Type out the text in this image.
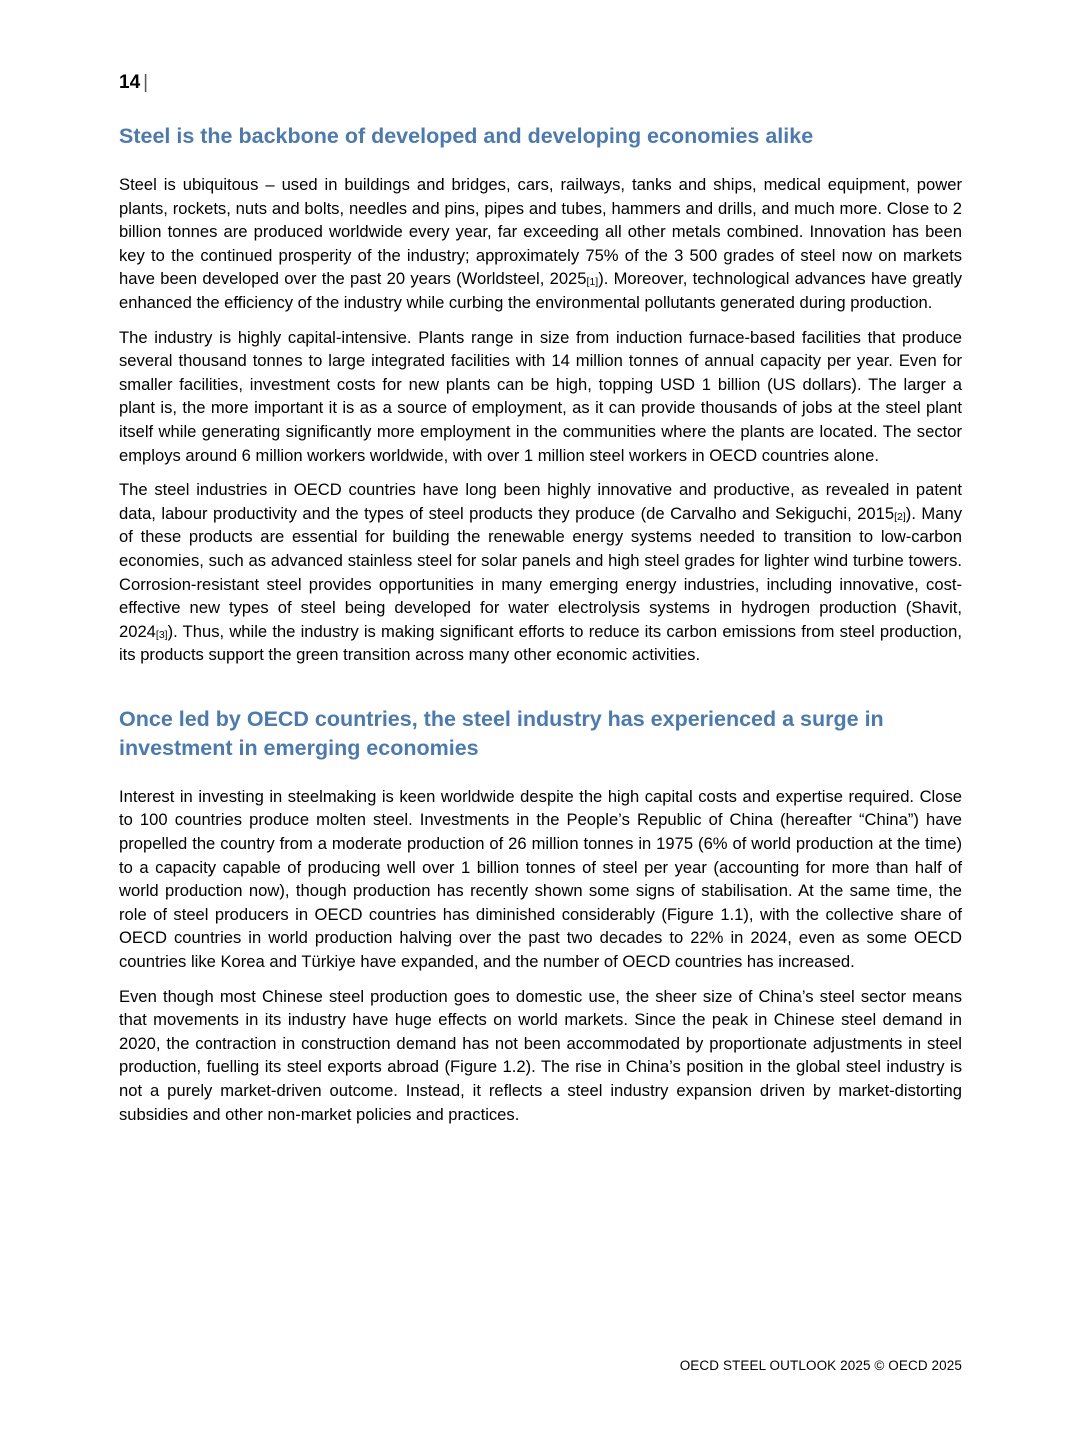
14 |
Steel is the backbone of developed and developing economies alike

Steel is ubiquitous – used in buildings and bridges, cars, railways, tanks and ships, medical equipment, power plants, rockets, nuts and bolts, needles and pins, pipes and tubes, hammers and drills, and much more. Close to 2 billion tonnes are produced worldwide every year, far exceeding all other metals combined. Innovation has been key to the continued prosperity of the industry; approximately 75% of the 3 500 grades of steel now on markets have been developed over the past 20 years (Worldsteel, $2025_{[1]}$). Moreover, technological advances have greatly enhanced the efficiency of the industry while curbing the environmental pollutants generated during production.

The industry is highly capital-intensive. Plants range in size from induction furnace-based facilities that produce several thousand tonnes to large integrated facilities with 14 million tonnes of annual capacity per year. Even for smaller facilities, investment costs for new plants can be high, topping USD 1 billion (US dollars). The larger a plant is, the more important it is as a source of employment, as it can provide thousands of jobs at the steel plant itself while generating significantly more employment in the communities where the plants are located. The sector employs around 6 million workers worldwide, with over 1 million steel workers in OECD countries alone.

The steel industries in OECD countries have long been highly innovative and productive, as revealed in patent data, labour productivity and the types of steel products they produce (de Carvalho and Sekiguchi, $2015_{[2]}$). Many of these products are essential for building the renewable energy systems needed to transition to low-carbon economies, such as advanced stainless steel for solar panels and high steel grades for lighter wind turbine towers. Corrosion-resistant steel provides opportunities in many emerging energy industries, including innovative, cost-effective new types of steel being developed for water electrolysis systems in hydrogen production (Shavit, $2024_{[3]}$). Thus, while the industry is making significant efforts to reduce its carbon emissions from steel production, its products support the green transition across many other economic activities.

Once led by OECD countries, the steel industry has experienced a surge in investment in emerging economies

Interest in investing in steelmaking is keen worldwide despite the high capital costs and expertise required. Close to 100 countries produce molten steel. Investments in the People’s Republic of China (hereafter “China”) have propelled the country from a moderate production of 26 million tonnes in 1975 (6% of world production at the time) to a capacity capable of producing well over 1 billion tonnes of steel per year (accounting for more than half of world production now), though production has recently shown some signs of stabilisation. At the same time, the role of steel producers in OECD countries has diminished considerably (Figure 1.1), with the collective share of OECD countries in world production halving over the past two decades to 22% in 2024, even as some OECD countries like Korea and Türkiye have expanded, and the number of OECD countries has increased.

Even though most Chinese steel production goes to domestic use, the sheer size of China’s steel sector means that movements in its industry have huge effects on world markets. Since the peak in Chinese steel demand in 2020, the contraction in construction demand has not been accommodated by proportionate adjustments in steel production, fuelling its steel exports abroad (Figure 1.2). The rise in China’s position in the global steel industry is not a purely market-driven outcome. Instead, it reflects a steel industry expansion driven by market-distorting subsidies and other non-market policies and practices.

OECD STEEL OUTLOOK 2025 © OECD 2025
